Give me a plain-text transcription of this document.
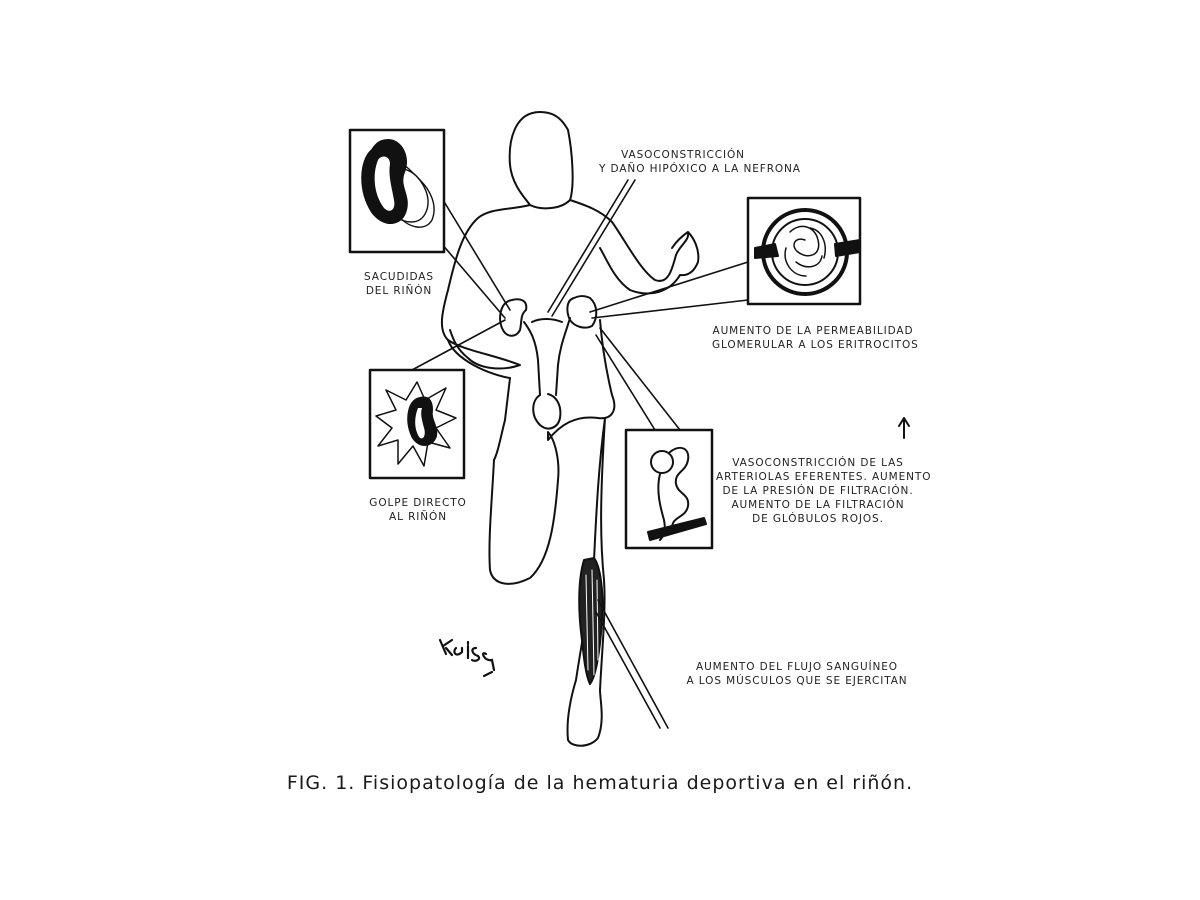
VASOCONSTRICCIÓN
Y DAÑO HIPÓXICO A LA NEFRONA
SACUDIDAS
DEL RIÑÓN
AUMENTO DE LA PERMEABILIDAD
GLOMERULAR A LOS ERITROCITOS
GOLPE DIRECTO
AL RIÑÓN
VASOCONSTRICCIÓN DE LAS
ARTERIOLAS EFERENTES. AUMENTO
DE LA PRESIÓN DE FILTRACIÓN.
AUMENTO DE LA FILTRACIÓN
DE GLÓBULOS ROJOS.
AUMENTO DEL FLUJO SANGUÍNEO
A LOS MÚSCULOS QUE SE EJERCITAN
FIG. 1. Fisiopatología de la hematuria deportiva en el riñón.
